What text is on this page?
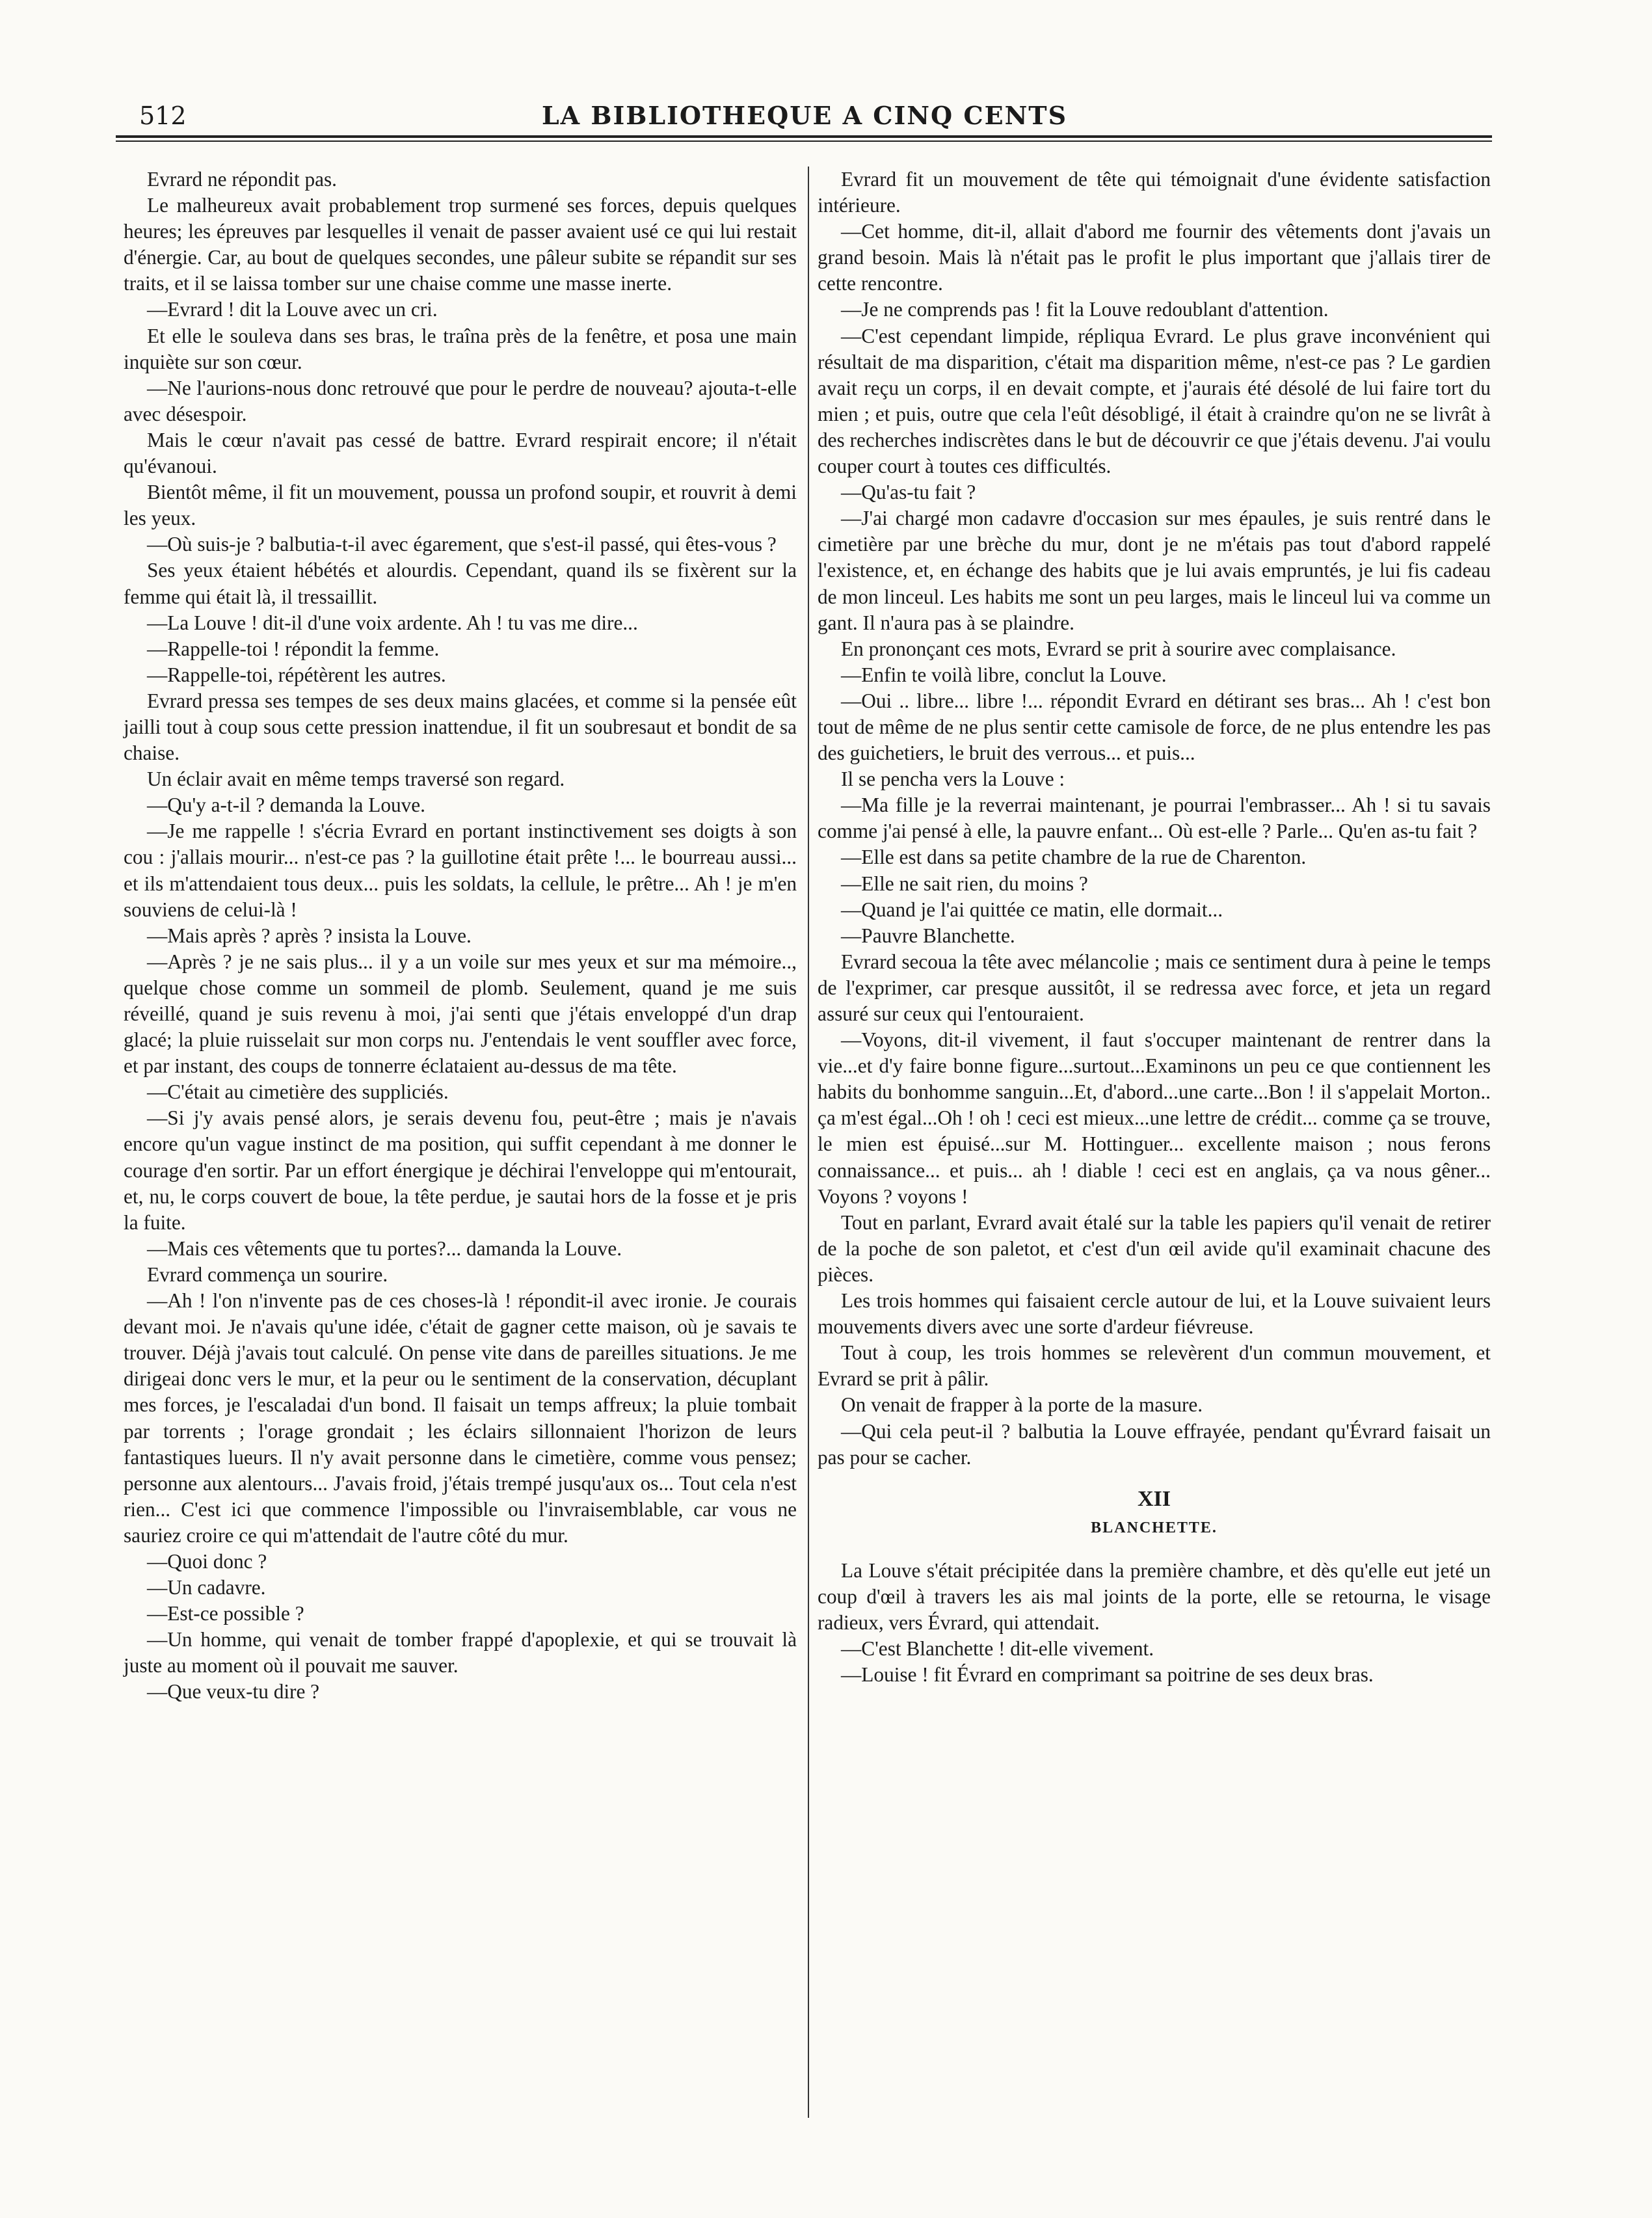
512	LA BIBLIOTHEQUE A CINQ CENTS

Evrard ne répondit pas.

Le malheureux avait probablement trop surmené ses forces, depuis quelques heures; les épreuves par lesquelles il venait de passer avaient usé ce qui lui restait d'énergie. Car, au bout de quelques secondes, une pâleur subite se répandit sur ses traits, et il se laissa tomber sur une chaise comme une masse inerte.

—Evrard ! dit la Louve avec un cri.

Et elle le souleva dans ses bras, le traîna près de la fenêtre, et posa une main inquiète sur son cœur.

—Ne l'aurions-nous donc retrouvé que pour le perdre de nouveau? ajouta-t-elle avec désespoir.

Mais le cœur n'avait pas cessé de battre. Evrard respirait encore; il n'était qu'évanoui.

Bientôt même, il fit un mouvement, poussa un profond soupir, et rouvrit à demi les yeux.

—Où suis-je ? balbutia-t-il avec égarement, que s'est-il passé, qui êtes-vous ?

Ses yeux étaient hébétés et alourdis. Cependant, quand ils se fixèrent sur la femme qui était là, il tressaillit.

—La Louve ! dit-il d'une voix ardente. Ah ! tu vas me dire...

—Rappelle-toi ! répondit la femme.

—Rappelle-toi, répétèrent les autres.

Evrard pressa ses tempes de ses deux mains glacées, et comme si la pensée eût jailli tout à coup sous cette pression inattendue, il fit un soubresaut et bondit de sa chaise.

Un éclair avait en même temps traversé son regard.

—Qu'y a-t-il ? demanda la Louve.

—Je me rappelle ! s'écria Evrard en portant instinctivement ses doigts à son cou : j'allais mourir... n'est-ce pas ? la guillotine était prête !... le bourreau aussi... et ils m'attendaient tous deux... puis les soldats, la cellule, le prêtre... Ah ! je m'en souviens de celui-là !

—Mais après ? après ? insista la Louve.

—Après ? je ne sais plus... il y a un voile sur mes yeux et sur ma mémoire.., quelque chose comme un sommeil de plomb. Seulement, quand je me suis réveillé, quand je suis revenu à moi, j'ai senti que j'étais enveloppé d'un drap glacé; la pluie ruisselait sur mon corps nu. J'entendais le vent souffler avec force, et par instant, des coups de tonnerre éclataient au-dessus de ma tête.

—C'était au cimetière des suppliciés.

—Si j'y avais pensé alors, je serais devenu fou, peut-être ; mais je n'avais encore qu'un vague instinct de ma position, qui suffit cependant à me donner le courage d'en sortir. Par un effort énergique je déchirai l'enveloppe qui m'entourait, et, nu, le corps couvert de boue, la tête perdue, je sautai hors de la fosse et je pris la fuite.

—Mais ces vêtements que tu portes?... damanda la Louve.

Evrard commença un sourire.

—Ah ! l'on n'invente pas de ces choses-là ! répondit-il avec ironie. Je courais devant moi. Je n'avais qu'une idée, c'était de gagner cette maison, où je savais te trouver. Déjà j'avais tout calculé. On pense vite dans de pareilles situations. Je me dirigeai donc vers le mur, et la peur ou le sentiment de la conservation, décuplant mes forces, je l'escaladai d'un bond. Il faisait un temps affreux; la pluie tombait par torrents ; l'orage grondait ; les éclairs sillonnaient l'horizon de leurs fantastiques lueurs. Il n'y avait personne dans le cimetière, comme vous pensez; personne aux alentours... J'avais froid, j'étais trempé jusqu'aux os... Tout cela n'est rien... C'est ici que commence l'impossible ou l'invraisemblable, car vous ne sauriez croire ce qui m'attendait de l'autre côté du mur.

—Quoi donc ?

—Un cadavre.

—Est-ce possible ?

—Un homme, qui venait de tomber frappé d'apoplexie, et qui se trouvait là juste au moment où il pouvait me sauver.

—Que veux-tu dire ?

Evrard fit un mouvement de tête qui témoignait d'une évidente satisfaction intérieure.

—Cet homme, dit-il, allait d'abord me fournir des vêtements dont j'avais un grand besoin. Mais là n'était pas le profit le plus important que j'allais tirer de cette rencontre.

—Je ne comprends pas ! fit la Louve redoublant d'attention.

—C'est cependant limpide, répliqua Evrard. Le plus grave inconvénient qui résultait de ma disparition, c'était ma disparition même, n'est-ce pas ? Le gardien avait reçu un corps, il en devait compte, et j'aurais été désolé de lui faire tort du mien ; et puis, outre que cela l'eût désobligé, il était à craindre qu'on ne se livrât à des recherches indiscrètes dans le but de découvrir ce que j'étais devenu. J'ai voulu couper court à toutes ces difficultés.

—Qu'as-tu fait ?

—J'ai chargé mon cadavre d'occasion sur mes épaules, je suis rentré dans le cimetière par une brèche du mur, dont je ne m'étais pas tout d'abord rappelé l'existence, et, en échange des habits que je lui avais empruntés, je lui fis cadeau de mon linceul. Les habits me sont un peu larges, mais le linceul lui va comme un gant. Il n'aura pas à se plaindre.

En prononçant ces mots, Evrard se prit à sourire avec complaisance.

—Enfin te voilà libre, conclut la Louve.

—Oui .. libre... libre !... répondit Evrard en détirant ses bras... Ah ! c'est bon tout de même de ne plus sentir cette camisole de force, de ne plus entendre les pas des guichetiers, le bruit des verrous... et puis...

Il se pencha vers la Louve :

—Ma fille je la reverrai maintenant, je pourrai l'embrasser... Ah ! si tu savais comme j'ai pensé à elle, la pauvre enfant... Où est-elle ? Parle... Qu'en as-tu fait ?

—Elle est dans sa petite chambre de la rue de Charenton.

—Elle ne sait rien, du moins ?

—Quand je l'ai quittée ce matin, elle dormait...

—Pauvre Blanchette.

Evrard secoua la tête avec mélancolie ; mais ce sentiment dura à peine le temps de l'exprimer, car presque aussitôt, il se redressa avec force, et jeta un regard assuré sur ceux qui l'entouraient.

—Voyons, dit-il vivement, il faut s'occuper maintenant de rentrer dans la vie...et d'y faire bonne figure...surtout...Examinons un peu ce que contiennent les habits du bonhomme sanguin...Et, d'abord...une carte...Bon ! il s'appelait Morton.. ça m'est égal...Oh ! oh ! ceci est mieux...une lettre de crédit... comme ça se trouve, le mien est épuisé...sur M. Hottinguer... excellente maison ; nous ferons connaissance... et puis... ah ! diable ! ceci est en anglais, ça va nous gêner... Voyons ? voyons !

Tout en parlant, Evrard avait étalé sur la table les papiers qu'il venait de retirer de la poche de son paletot, et c'est d'un œil avide qu'il examinait chacune des pièces.

Les trois hommes qui faisaient cercle autour de lui, et la Louve suivaient leurs mouvements divers avec une sorte d'ardeur fiévreuse.

Tout à coup, les trois hommes se relevèrent d'un commun mouvement, et Evrard se prit à pâlir.

On venait de frapper à la porte de la masure.

—Qui cela peut-il ? balbutia la Louve effrayée, pendant qu'Évrard faisait un pas pour se cacher.

XII

BLANCHETTE.

La Louve s'était précipitée dans la première chambre, et dès qu'elle eut jeté un coup d'œil à travers les ais mal joints de la porte, elle se retourna, le visage radieux, vers Évrard, qui attendait.

—C'est Blanchette ! dit-elle vivement.

—Louise ! fit Évrard en comprimant sa poitrine de ses deux bras.
